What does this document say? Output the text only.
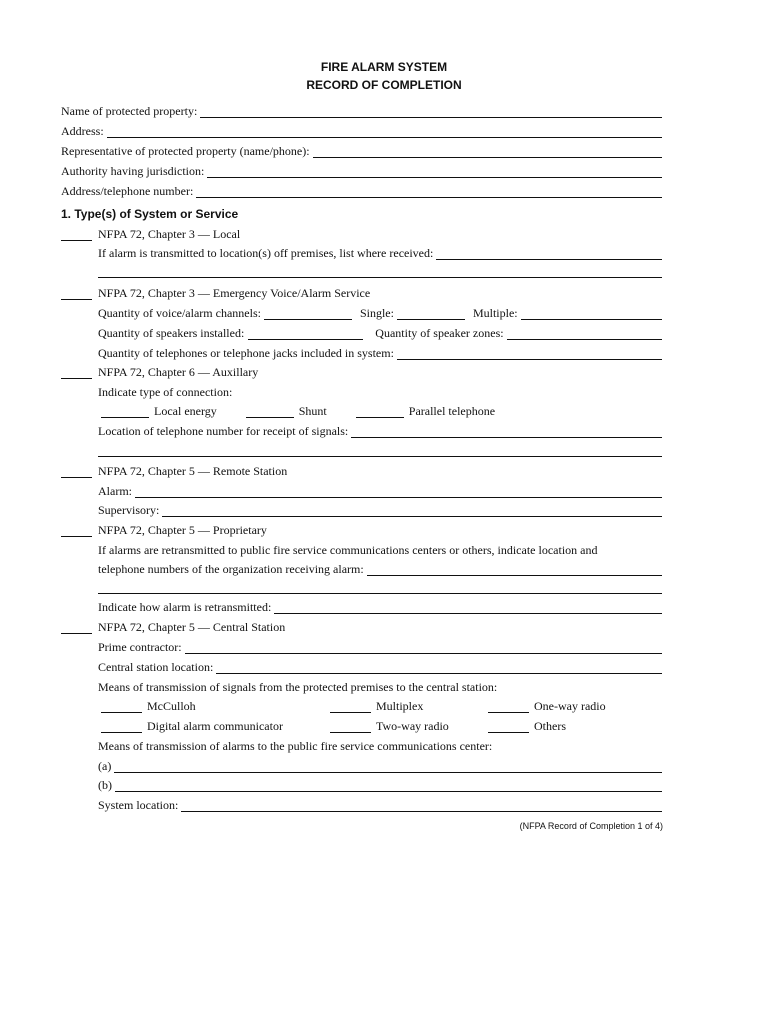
FIRE ALARM SYSTEM
RECORD OF COMPLETION
Name of protected property:
Address:
Representative of protected property (name/phone):
Authority having jurisdiction:
Address/telephone number:
1. Type(s) of System or Service
NFPA 72, Chapter 3 — Local
If alarm is transmitted to location(s) off premises, list where received:
NFPA 72, Chapter 3 — Emergency Voice/Alarm Service
Quantity of voice/alarm channels:	Single:	Multiple:
Quantity of speakers installed:	Quantity of speaker zones:
Quantity of telephones or telephone jacks included in system:
NFPA 72, Chapter 6 — Auxillary
Indicate type of connection:
Local energy	Shunt	Parallel telephone
Location of telephone number for receipt of signals:
NFPA 72, Chapter 5 — Remote Station
Alarm:
Supervisory:
NFPA 72, Chapter 5 — Proprietary
If alarms are retransmitted to public fire service communications centers or others, indicate location and
telephone numbers of the organization receiving alarm:
Indicate how alarm is retransmitted:
NFPA 72, Chapter 5 — Central Station
Prime contractor:
Central station location:
Means of transmission of signals from the protected premises to the central station:
McCulloh	Multiplex	One-way radio
Digital alarm communicator	Two-way radio	Others
Means of transmission of alarms to the public fire service communications center:
(a)
(b)
System location:
(NFPA Record of Completion 1 of 4)
